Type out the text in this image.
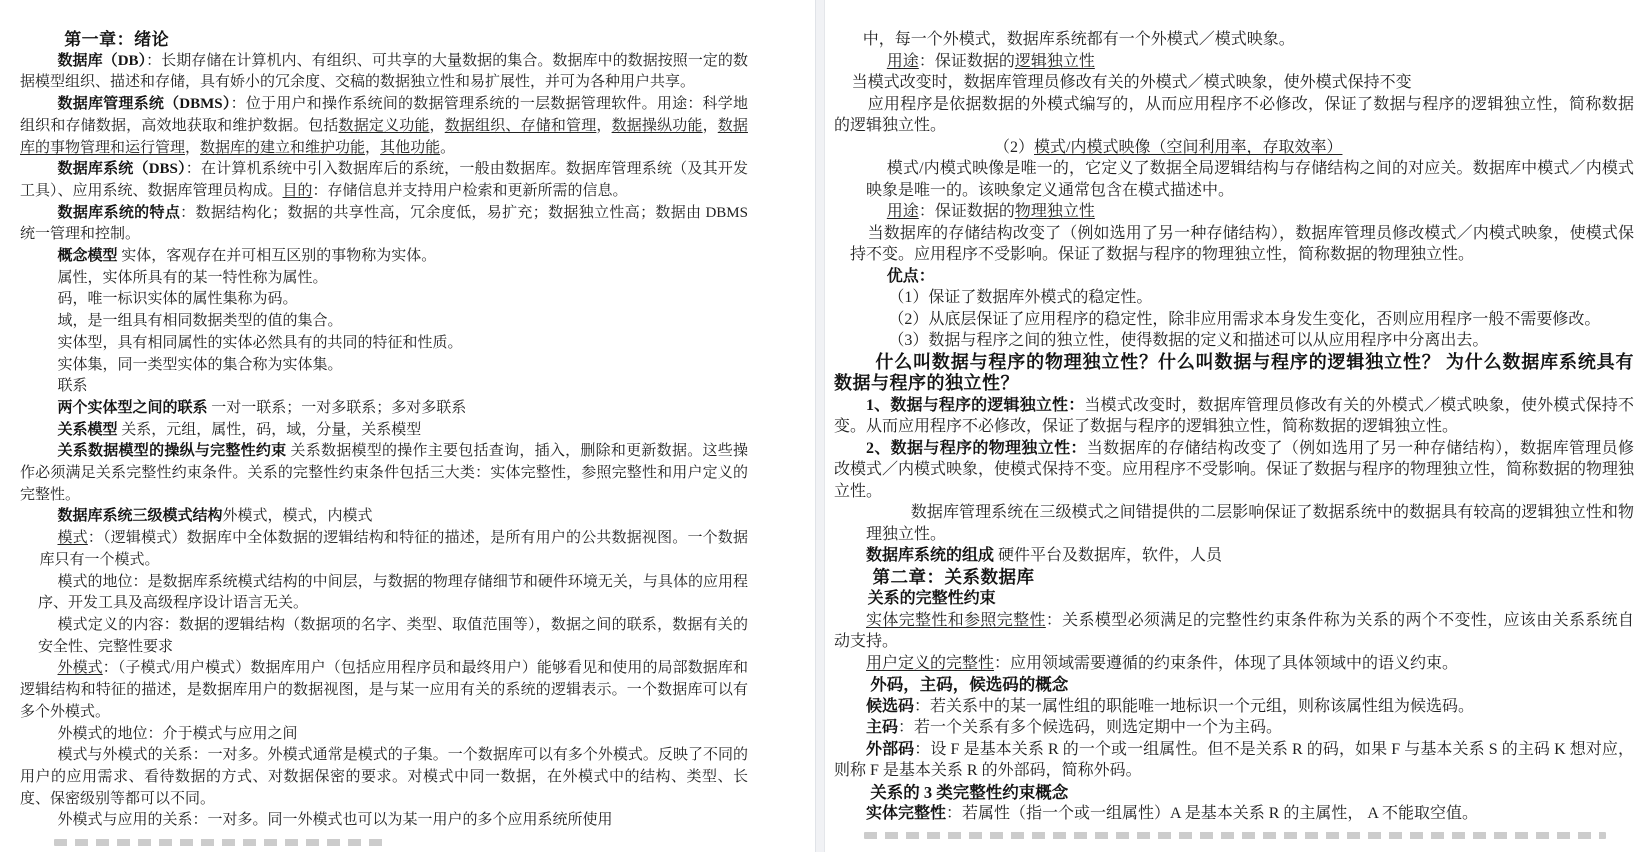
第一章：绪论
数据库（DB）：长期存储在计算机内、有组织、可共享的大量数据的集合。数据库中的数据按照一定的数据模型组织、描述和存储，具有娇小的冗余度、交稿的数据独立性和易扩展性，并可为各种用户共享。
数据库管理系统（DBMS）：位于用户和操作系统间的数据管理系统的一层数据管理软件。用途：科学地组织和存储数据，高效地获取和维护数据。包括数据定义功能，数据组织、存储和管理，数据操纵功能，数据库的事物管理和运行管理，数据库的建立和维护功能，其他功能。
数据库系统（DBS）：在计算机系统中引入数据库后的系统，一般由数据库。数据库管理系统（及其开发工具）、应用系统、数据库管理员构成。目的：存储信息并支持用户检索和更新所需的信息。
数据库系统的特点：数据结构化；数据的共享性高，冗余度低，易扩充；数据独立性高；数据由 DBMS 统一管理和控制。
概念模型 实体，客观存在并可相互区别的事物称为实体。
属性，实体所具有的某一特性称为属性。
码，唯一标识实体的属性集称为码。
域，是一组具有相同数据类型的值的集合。
实体型，具有相同属性的实体必然具有的共同的特征和性质。
实体集，同一类型实体的集合称为实体集。
联系
两个实体型之间的联系 一对一联系；一对多联系；多对多联系
关系模型 关系，元组，属性，码，域，分量，关系模型
关系数据模型的操纵与完整性约束 关系数据模型的操作主要包括查询，插入，删除和更新数据。这些操作必须满足关系完整性约束条件。关系的完整性约束条件包括三大类：实体完整性，参照完整性和用户定义的完整性。
数据库系统三级模式结构外模式，模式，内模式
模式：（逻辑模式）数据库中全体数据的逻辑结构和特征的描述，是所有用户的公共数据视图。一个数据库只有一个模式。
模式的地位：是数据库系统模式结构的中间层，与数据的物理存储细节和硬件环境无关，与具体的应用程序、开发工具及高级程序设计语言无关。
模式定义的内容：数据的逻辑结构（数据项的名字、类型、取值范围等），数据之间的联系，数据有关的安全性、完整性要求
外模式：（子模式/用户模式）数据库用户（包括应用程序员和最终用户）能够看见和使用的局部数据库和逻辑结构和特征的描述，是数据库用户的数据视图，是与某一应用有关的系统的逻辑表示。一个数据库可以有多个外模式。
外模式的地位：介于模式与应用之间
模式与外模式的关系：一对多。外模式通常是模式的子集。一个数据库可以有多个外模式。反映了不同的用户的应用需求、看待数据的方式、对数据保密的要求。对模式中同一数据，在外模式中的结构、类型、长度、保密级别等都可以不同。
外模式与应用的关系：一对多。同一外模式也可以为某一用户的多个应用系统所使用
中，每一个外模式，数据库系统都有一个外模式／模式映象。
用途：保证数据的逻辑独立性
当模式改变时，数据库管理员修改有关的外模式／模式映象，使外模式保持不变
应用程序是依据数据的外模式编写的，从而应用程序不必修改，保证了数据与程序的逻辑独立性，简称数据的逻辑独立性。
（2）模式/内模式映像（空间利用率，存取效率）
模式/内模式映像是唯一的，它定义了数据全局逻辑结构与存储结构之间的对应关。数据库中模式／内模式映象是唯一的。该映象定义通常包含在模式描述中。
用途：保证数据的物理独立性
当数据库的存储结构改变了（例如选用了另一种存储结构），数据库管理员修改模式／内模式映象，使模式保持不变。应用程序不受影响。保证了数据与程序的物理独立性，简称数据的物理独立性。
优点：
（1）保证了数据库外模式的稳定性。
（2）从底层保证了应用程序的稳定性，除非应用需求本身发生变化，否则应用程序一般不需要修改。
（3）数据与程序之间的独立性，使得数据的定义和描述可以从应用程序中分离出去。
什么叫数据与程序的物理独立性？什么叫数据与程序的逻辑独立性？ 为什么数据库系统具有数据与程序的独立性？
1、数据与程序的逻辑独立性：当模式改变时，数据库管理员修改有关的外模式／模式映象，使外模式保持不变。从而应用程序不必修改，保证了数据与程序的逻辑独立性，简称数据的逻辑独立性。
2、数据与程序的物理独立性：当数据库的存储结构改变了（例如选用了另一种存储结构），数据库管理员修改模式／内模式映象，使模式保持不变。应用程序不受影响。保证了数据与程序的物理独立性，简称数据的物理独立性。
数据库管理系统在三级模式之间错提供的二层影响保证了数据系统中的数据具有较高的逻辑独立性和物理独立性。
数据库系统的组成 硬件平台及数据库，软件，人员
第二章：关系数据库
关系的完整性约束
实体完整性和参照完整性：关系模型必须满足的完整性约束条件称为关系的两个不变性，应该由关系系统自动支持。
用户定义的完整性：应用领域需要遵循的约束条件，体现了具体领域中的语义约束。
外码，主码，候选码的概念
候选码：若关系中的某一属性组的职能唯一地标识一个元组，则称该属性组为候选码。
主码：若一个关系有多个候选码，则选定期中一个为主码。
外部码：设 F 是基本关系 R 的一个或一组属性。但不是关系 R 的码，如果 F 与基本关系 S 的主码 K 想对应，则称 F 是基本关系 R 的外部码，简称外码。
关系的 3 类完整性约束概念
实体完整性：若属性（指一个或一组属性）A 是基本关系 R 的主属性， A 不能取空值。
